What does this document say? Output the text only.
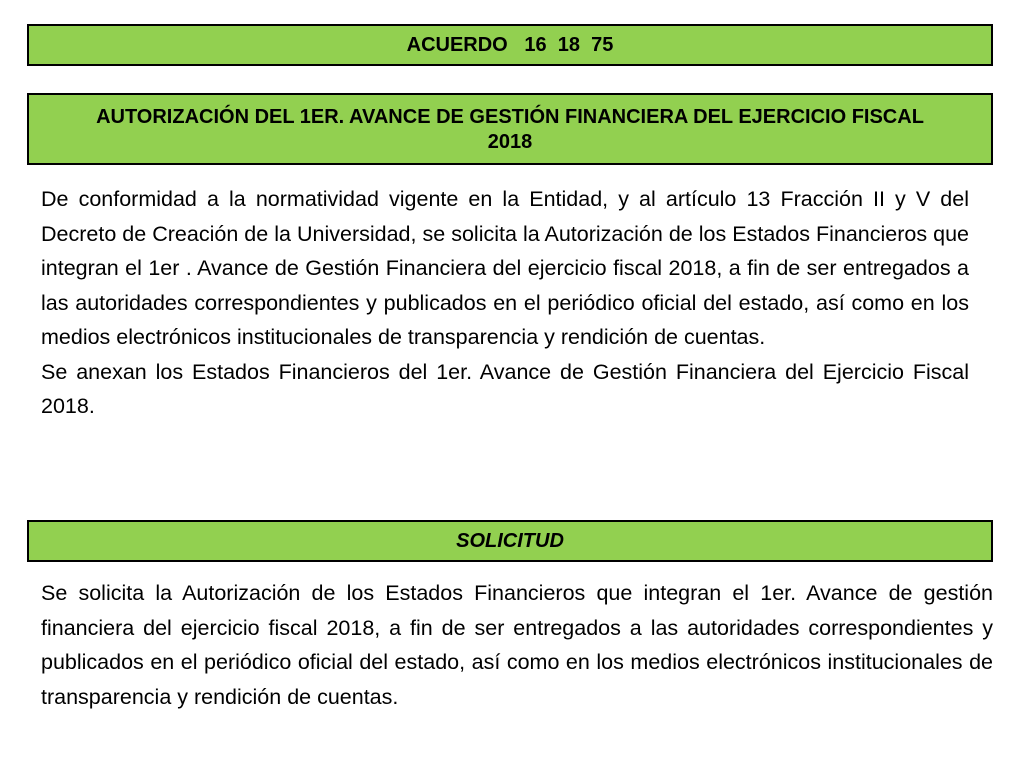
ACUERDO   16  18  75
AUTORIZACIÓN DEL 1ER. AVANCE DE GESTIÓN FINANCIERA DEL EJERCICIO FISCAL 2018

De conformidad a la normatividad vigente en la Entidad, y al artículo 13 Fracción II y V del Decreto de Creación de la Universidad, se solicita la Autorización de los Estados Financieros que integran el 1er . Avance de Gestión Financiera del ejercicio fiscal 2018, a fin de ser entregados a las autoridades correspondientes y publicados en el periódico oficial del estado, así como en los medios electrónicos institucionales de transparencia y rendición de cuentas.

Se anexan los Estados Financieros del 1er. Avance de Gestión Financiera del Ejercicio Fiscal 2018.

SOLICITUD

Se solicita la Autorización de los Estados Financieros que integran el 1er. Avance de gestión financiera del ejercicio fiscal 2018, a fin de ser entregados a las autoridades correspondientes y publicados en el periódico oficial del estado, así como en los medios electrónicos institucionales de transparencia y rendición de cuentas.
